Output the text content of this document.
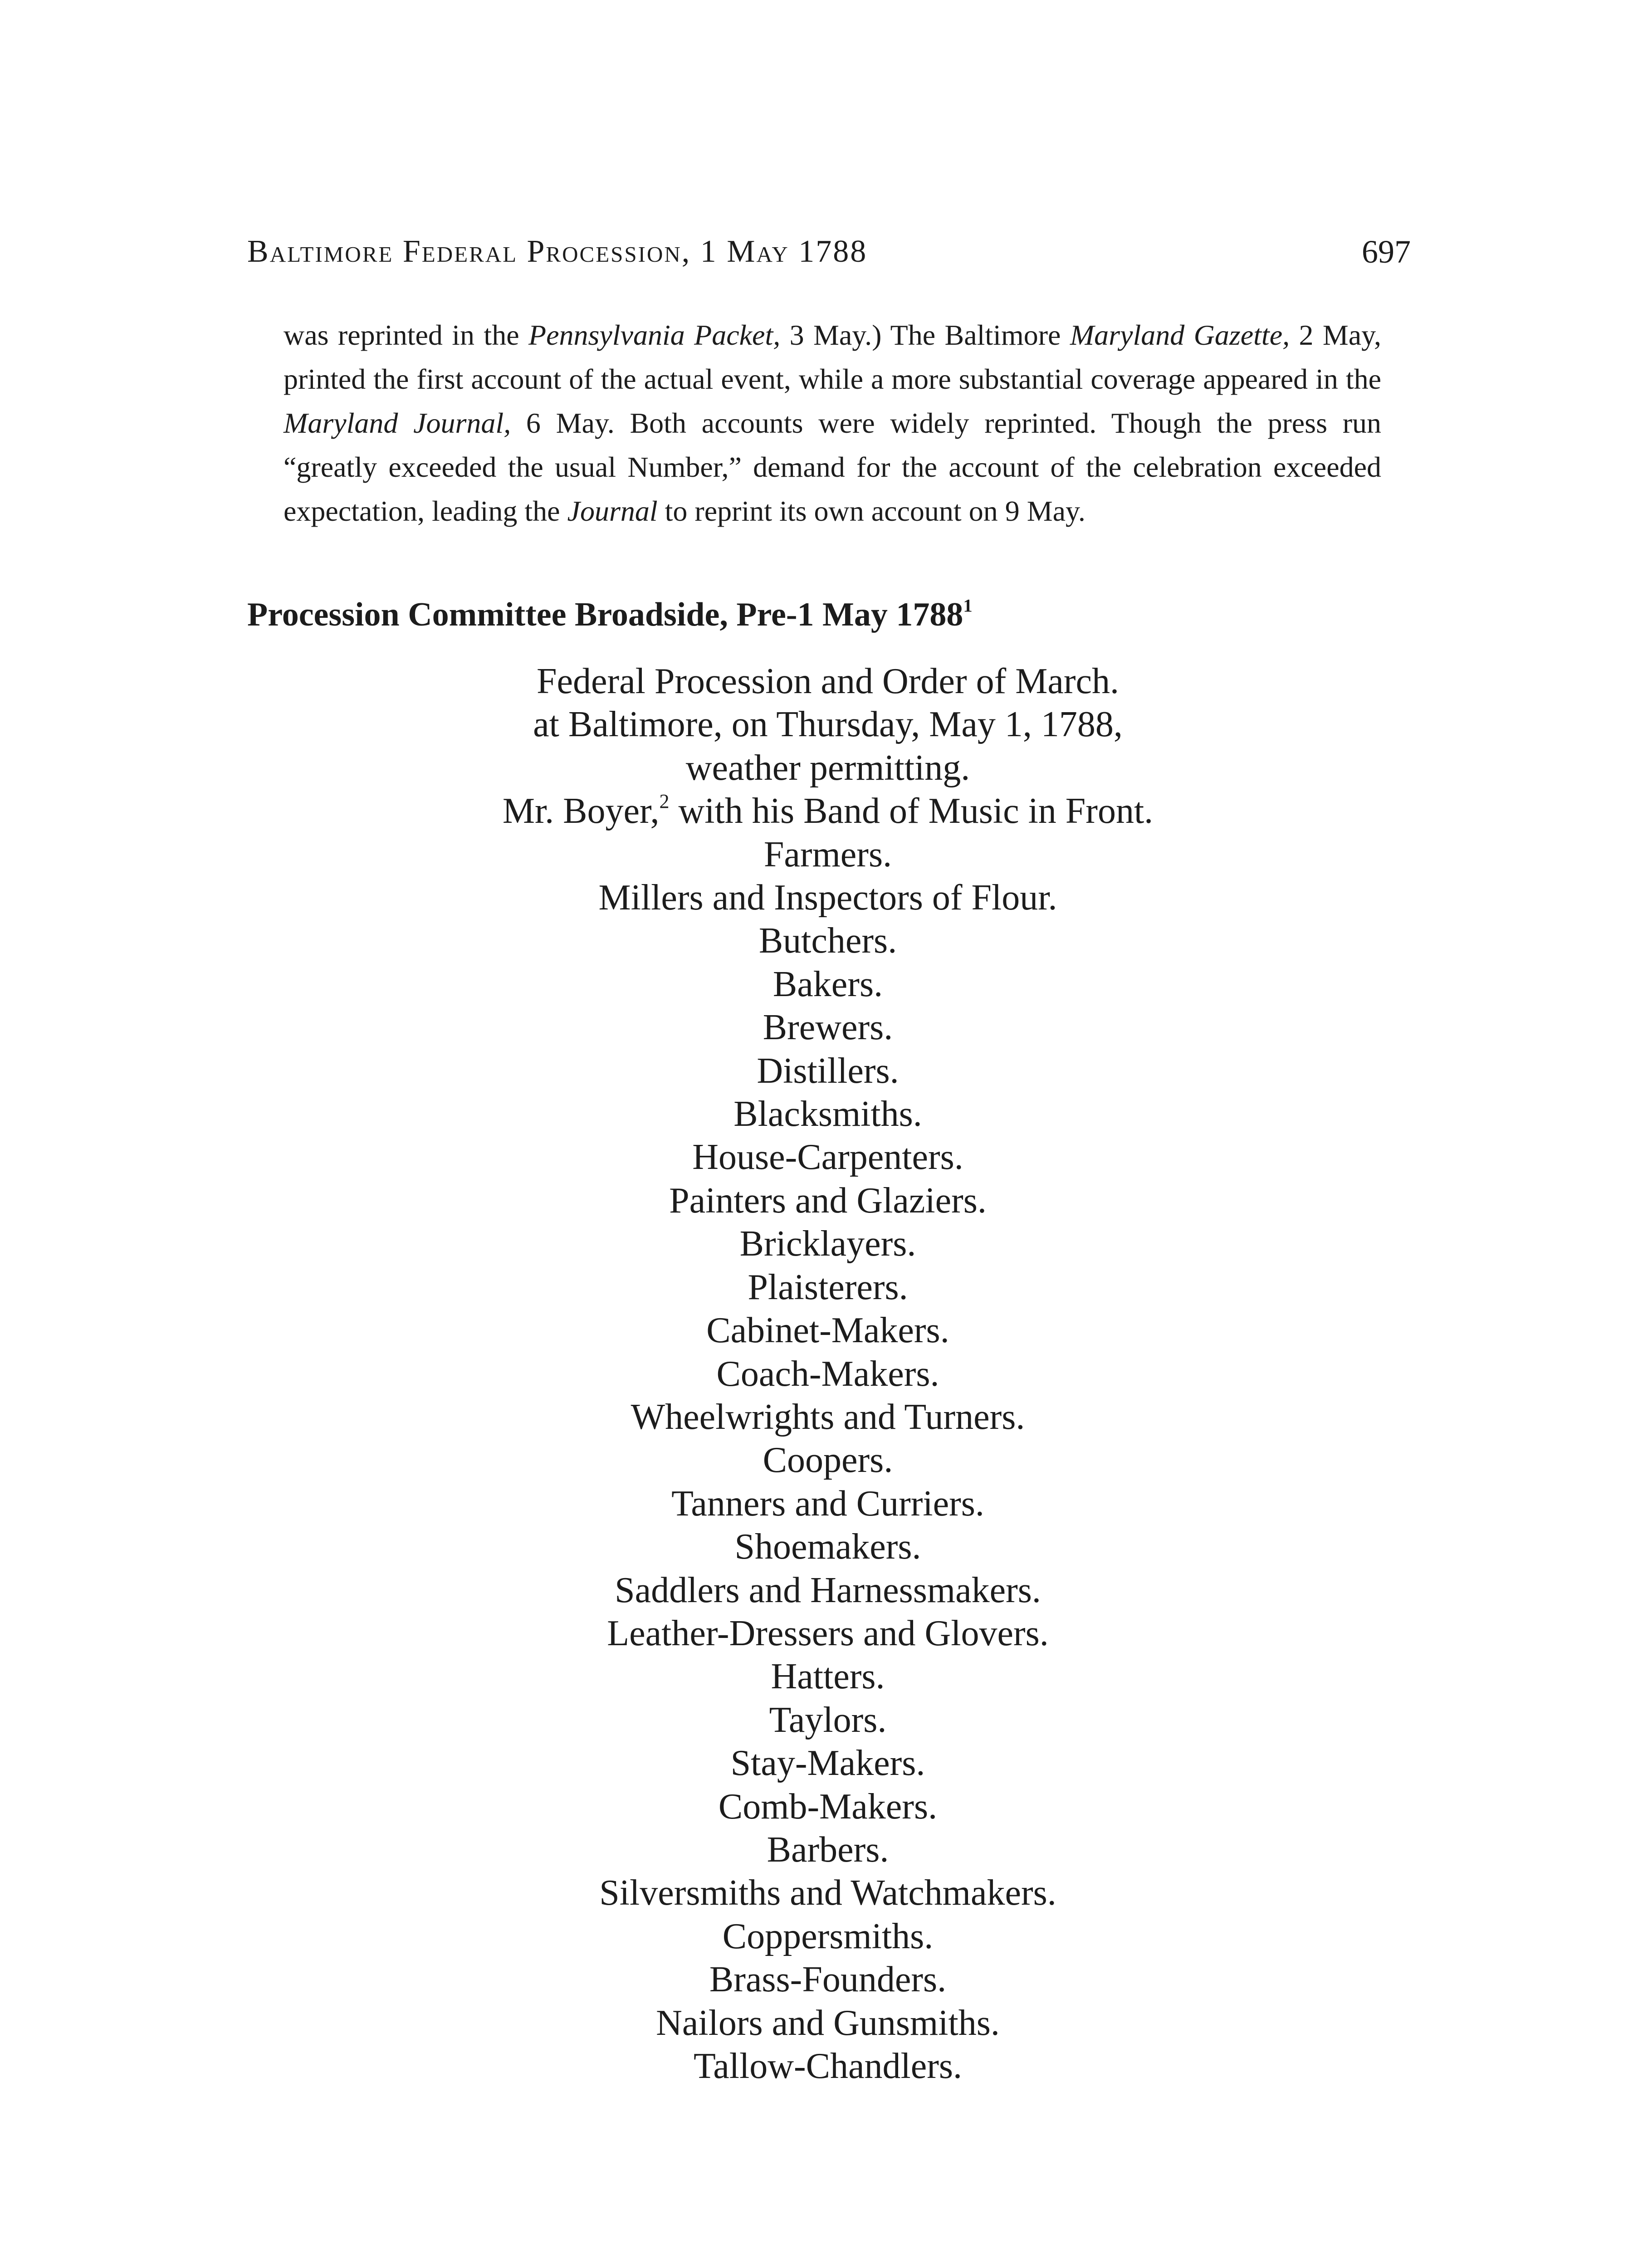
Baltimore Federal Procession, 1 May 1788	697

was reprinted in the Pennsylvania Packet, 3 May.) The Baltimore Maryland Gazette, 2 May, printed the first account of the actual event, while a more substantial coverage appeared in the Maryland Journal, 6 May. Both accounts were widely reprinted. Though the press run “greatly exceeded the usual Number,” demand for the account of the celebration exceeded expectation, leading the Journal to reprint its own account on 9 May.

Procession Committee Broadside, Pre-1 May 1788$^1$
Federal Procession and Order of March.
at Baltimore, on Thursday, May 1, 1788,
weather permitting.
Mr. Boyer,$^2$ with his Band of Music in Front.
Farmers.
Millers and Inspectors of Flour.
Butchers.
Bakers.
Brewers.
Distillers.
Blacksmiths.
House-Carpenters.
Painters and Glaziers.
Bricklayers.
Plaisterers.
Cabinet-Makers.
Coach-Makers.
Wheelwrights and Turners.
Coopers.
Tanners and Curriers.
Shoemakers.
Saddlers and Harnessmakers.
Leather-Dressers and Glovers.
Hatters.
Taylors.
Stay-Makers.
Comb-Makers.
Barbers.
Silversmiths and Watchmakers.
Coppersmiths.
Brass-Founders.
Nailors and Gunsmiths.
Tallow-Chandlers.
